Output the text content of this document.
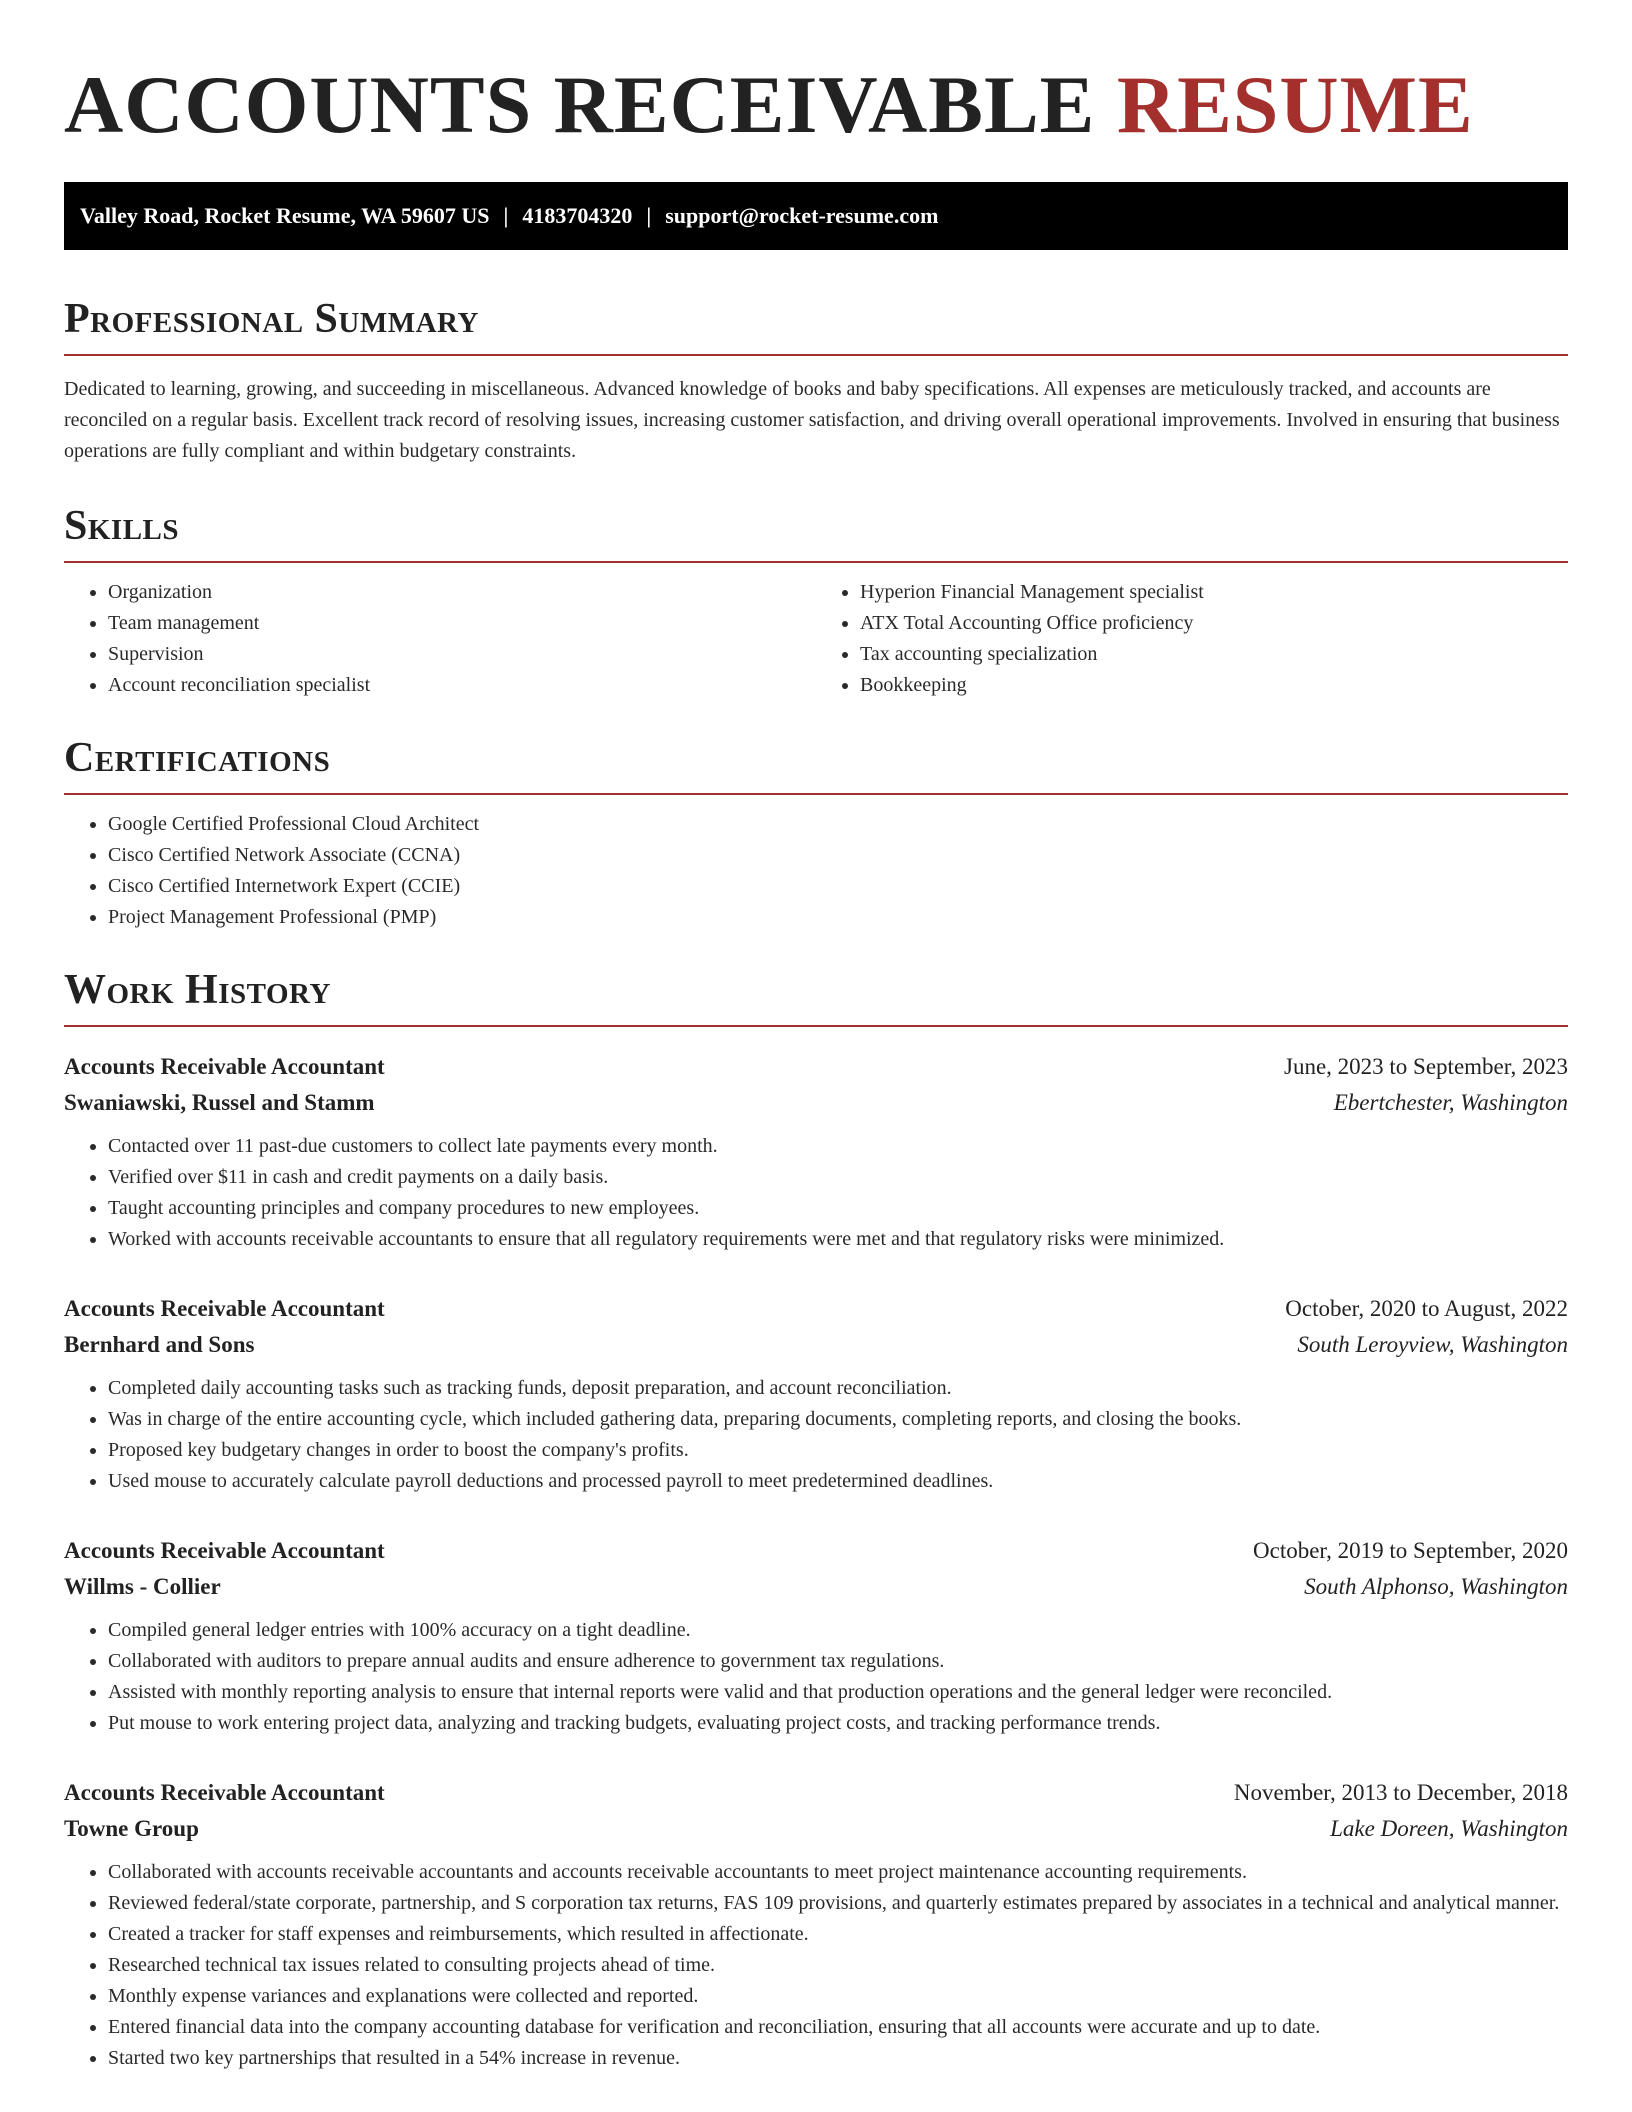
ACCOUNTS RECEIVABLE RESUME
Valley Road, Rocket Resume, WA 59607 US | 4183704320 | support@rocket-resume.com
Professional Summary
Dedicated to learning, growing, and succeeding in miscellaneous. Advanced knowledge of books and baby specifications. All expenses are meticulously tracked, and accounts are reconciled on a regular basis. Excellent track record of resolving issues, increasing customer satisfaction, and driving overall operational improvements. Involved in ensuring that business operations are fully compliant and within budgetary constraints.
Skills
• Organization
• Team management
• Supervision
• Account reconciliation specialist
• Hyperion Financial Management specialist
• ATX Total Accounting Office proficiency
• Tax accounting specialization
• Bookkeeping
Certifications
• Google Certified Professional Cloud Architect
• Cisco Certified Network Associate (CCNA)
• Cisco Certified Internetwork Expert (CCIE)
• Project Management Professional (PMP)
Work History
Accounts Receivable Accountant	June, 2023 to September, 2023
Swaniawski, Russel and Stamm	Ebertchester, Washington
• Contacted over 11 past-due customers to collect late payments every month.
• Verified over $11 in cash and credit payments on a daily basis.
• Taught accounting principles and company procedures to new employees.
• Worked with accounts receivable accountants to ensure that all regulatory requirements were met and that regulatory risks were minimized.
Accounts Receivable Accountant	October, 2020 to August, 2022
Bernhard and Sons	South Leroyview, Washington
• Completed daily accounting tasks such as tracking funds, deposit preparation, and account reconciliation.
• Was in charge of the entire accounting cycle, which included gathering data, preparing documents, completing reports, and closing the books.
• Proposed key budgetary changes in order to boost the company's profits.
• Used mouse to accurately calculate payroll deductions and processed payroll to meet predetermined deadlines.
Accounts Receivable Accountant	October, 2019 to September, 2020
Willms - Collier	South Alphonso, Washington
• Compiled general ledger entries with 100% accuracy on a tight deadline.
• Collaborated with auditors to prepare annual audits and ensure adherence to government tax regulations.
• Assisted with monthly reporting analysis to ensure that internal reports were valid and that production operations and the general ledger were reconciled.
• Put mouse to work entering project data, analyzing and tracking budgets, evaluating project costs, and tracking performance trends.
Accounts Receivable Accountant	November, 2013 to December, 2018
Towne Group	Lake Doreen, Washington
• Collaborated with accounts receivable accountants and accounts receivable accountants to meet project maintenance accounting requirements.
• Reviewed federal/state corporate, partnership, and S corporation tax returns, FAS 109 provisions, and quarterly estimates prepared by associates in a technical and analytical manner.
• Created a tracker for staff expenses and reimbursements, which resulted in affectionate.
• Researched technical tax issues related to consulting projects ahead of time.
• Monthly expense variances and explanations were collected and reported.
• Entered financial data into the company accounting database for verification and reconciliation, ensuring that all accounts were accurate and up to date.
• Started two key partnerships that resulted in a 54% increase in revenue.
